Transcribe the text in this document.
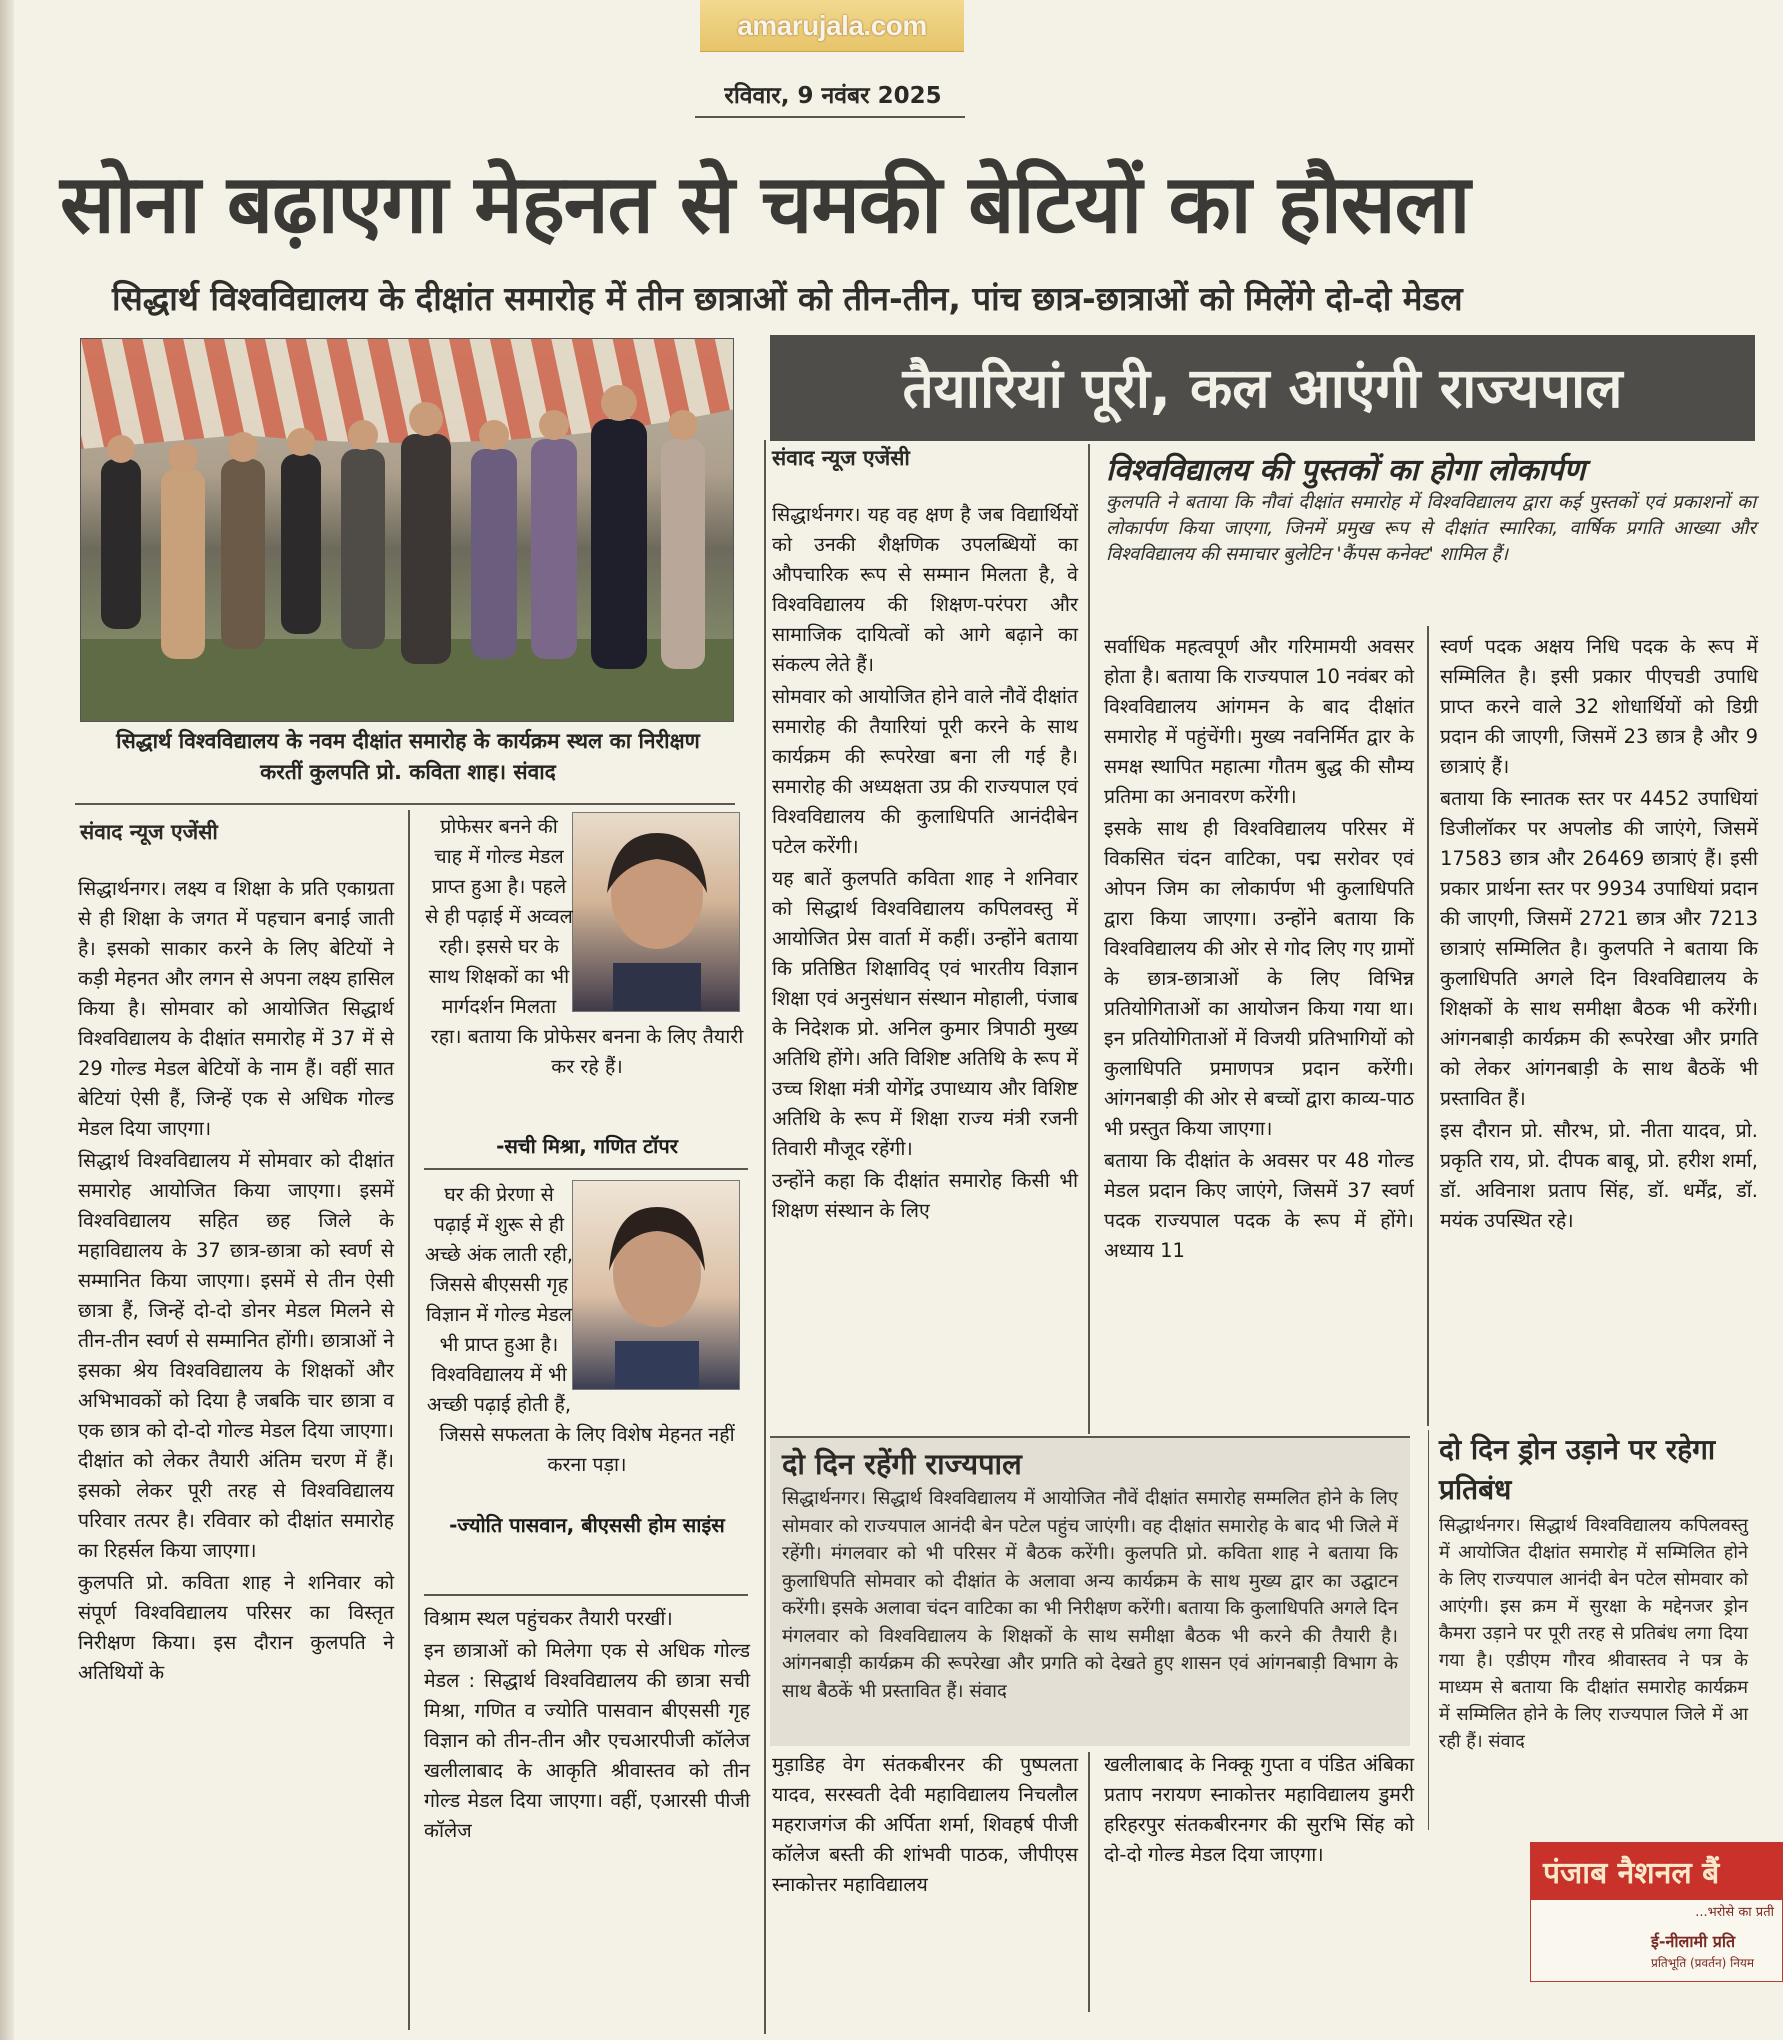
amarujala.com
रविवार, 9 नवंबर 2025
सोना बढ़ाएगा मेहनत से चमकी बेटियों का हौसला
सिद्धार्थ विश्वविद्यालय के दीक्षांत समारोह में तीन छात्राओं को तीन-तीन, पांच छात्र-छात्राओं को मिलेंगे दो-दो मेडल
सिद्धार्थ विश्वविद्यालय के नवम दीक्षांत समारोह के कार्यक्रम स्थल का निरीक्षण करतीं कुलपति प्रो. कविता शाह। संवाद
तैयारियां पूरी, कल आएंगी राज्यपाल
संवाद न्यूज एजेंसी	विश्वविद्यालय की पुस्तकों का होगा लोकार्पण
कुलपति ने बताया कि नौवां दीक्षांत समारोह में विश्वविद्यालय द्वारा कई पुस्तकों एवं प्रकाशनों का लोकार्पण किया जाएगा, जिनमें प्रमुख रूप से दीक्षांत स्मारिका, वार्षिक प्रगति आख्या और विश्वविद्यालय की समाचार बुलेटिन 'कैंपस कनेक्ट' शामिल हैं।

सिद्धार्थनगर। यह वह क्षण है जब विद्यार्थियों को उनकी शैक्षणिक उपलब्धियों का औपचारिक रूप से सम्मान मिलता है, वे विश्वविद्यालय की शिक्षण-परंपरा और सामाजिक दायित्वों को आगे बढ़ाने का संकल्प लेते हैं।

सोमवार को आयोजित होने वाले नौवें दीक्षांत समारोह की तैयारियां पूरी करने के साथ कार्यक्रम की रूपरेखा बना ली गई है। समारोह की अध्यक्षता उप्र की राज्यपाल एवं विश्वविद्यालय की कुलाधिपति आनंदीबेन पटेल करेंगी।

यह बातें कुलपति कविता शाह ने शनिवार को सिद्धार्थ विश्वविद्यालय कपिलवस्तु में आयोजित प्रेस वार्ता में कहीं। उन्होंने बताया कि प्रतिष्ठित शिक्षाविद् एवं भारतीय विज्ञान शिक्षा एवं अनुसंधान संस्थान मोहाली, पंजाब के निदेशक प्रो. अनिल कुमार त्रिपाठी मुख्य अतिथि होंगे। अति विशिष्ट अतिथि के रूप में उच्च शिक्षा मंत्री योगेंद्र उपाध्याय और विशिष्ट अतिथि के रूप में शिक्षा राज्य मंत्री रजनी तिवारी मौजूद रहेंगी।

उन्होंने कहा कि दीक्षांत समारोह किसी भी शिक्षण संस्थान के लिए

सर्वाधिक महत्वपूर्ण और गरिमामयी अवसर होता है। बताया कि राज्यपाल 10 नवंबर को विश्वविद्यालय आंगमन के बाद दीक्षांत समारोह में पहुंचेंगी। मुख्य नवनिर्मित द्वार के समक्ष स्थापित महात्मा गौतम बुद्ध की सौम्य प्रतिमा का अनावरण करेंगी।

इसके साथ ही विश्वविद्यालय परिसर में विकसित चंदन वाटिका, पद्म सरोवर एवं ओपन जिम का लोकार्पण भी कुलाधिपति द्वारा किया जाएगा। उन्होंने बताया कि विश्वविद्यालय की ओर से गोद लिए गए ग्रामों के छात्र-छात्राओं के लिए विभिन्न प्रतियोगिताओं का आयोजन किया गया था। इन प्रतियोगिताओं में विजयी प्रतिभागियों को कुलाधिपति प्रमाणपत्र प्रदान करेंगी। आंगनबाड़ी की ओर से बच्चों द्वारा काव्य-पाठ भी प्रस्तुत किया जाएगा।

बताया कि दीक्षांत के अवसर पर 48 गोल्ड मेडल प्रदान किए जाएंगे, जिसमें 37 स्वर्ण पदक राज्यपाल पदक के रूप में होंगे। अध्याय 11

स्वर्ण पदक अक्षय निधि पदक के रूप में सम्मिलित है। इसी प्रकार पीएचडी उपाधि प्राप्त करने वाले 32 शोधार्थियों को डिग्री प्रदान की जाएगी, जिसमें 23 छात्र है और 9 छात्राएं हैं।

बताया कि स्नातक स्तर पर 4452 उपाधियां डिजीलॉकर पर अपलोड की जाएंगे, जिसमें 17583 छात्र और 26469 छात्राएं हैं। इसी प्रकार प्रार्थना स्तर पर 9934 उपाधियां प्रदान की जाएगी, जिसमें 2721 छात्र और 7213 छात्राएं सम्मिलित है। कुलपति ने बताया कि कुलाधिपति अगले दिन विश्वविद्यालय के शिक्षकों के साथ समीक्षा बैठक भी करेंगी। आंगनबाड़ी कार्यक्रम की रूपरेखा और प्रगति को लेकर आंगनबाड़ी के साथ बैठकें भी प्रस्तावित हैं।

इस दौरान प्रो. सौरभ, प्रो. नीता यादव, प्रो. प्रकृति राय, प्रो. दीपक बाबू, प्रो. हरीश शर्मा, डॉ. अविनाश प्रताप सिंह, डॉ. धर्मेंद्र, डॉ. मयंक उपस्थित रहे।

दो दिन रहेंगी राज्यपाल
सिद्धार्थनगर। सिद्धार्थ विश्वविद्यालय में आयोजित नौवें दीक्षांत समारोह सम्मलित होने के लिए सोमवार को राज्यपाल आनंदी बेन पटेल पहुंच जाएंगी। वह दीक्षांत समारोह के बाद भी जिले में रहेंगी। मंगलवार को भी परिसर में बैठक करेंगी। कुलपति प्रो. कविता शाह ने बताया कि कुलाधिपति सोमवार को दीक्षांत के अलावा अन्य कार्यक्रम के साथ मुख्य द्वार का उद्घाटन करेंगी। इसके अलावा चंदन वाटिका का भी निरीक्षण करेंगी। बताया कि कुलाधिपति अगले दिन मंगलवार को विश्वविद्यालय के शिक्षकों के साथ समीक्षा बैठक भी करने की तैयारी है। आंगनबाड़ी कार्यक्रम की रूपरेखा और प्रगति को देखते हुए शासन एवं आंगनबाड़ी विभाग के साथ बैठकें भी प्रस्तावित हैं। संवाद
दो दिन ड्रोन उड़ाने पर रहेगा प्रतिबंध
सिद्धार्थनगर। सिद्धार्थ विश्वविद्यालय कपिलवस्तु में आयोजित दीक्षांत समारोह में सम्मिलित होने के लिए राज्यपाल आनंदी बेन पटेल सोमवार को आएंगी। इस क्रम में सुरक्षा के मद्देनजर ड्रोन कैमरा उड़ाने पर पूरी तरह से प्रतिबंध लगा दिया गया है। एडीएम गौरव श्रीवास्तव ने पत्र के माध्यम से बताया कि दीक्षांत समारोह कार्यक्रम में सम्मिलित होने के लिए राज्यपाल जिले में आ रही हैं। संवाद

मुड़ाडिह वेग संतकबीरनर की पुष्पलता यादव, सरस्वती देवी महाविद्यालय निचलौल महराजगंज की अर्पिता शर्मा, शिवहर्ष पीजी कॉलेज बस्ती की शांभवी पाठक, जीपीएस स्नाकोत्तर महाविद्यालय

खलीलाबाद के निक्कू गुप्ता व पंडित अंबिका प्रताप नरायण स्नाकोत्तर महाविद्यालय डुमरी हरिहरपुर संतकबीरनगर की सुरभि सिंह को दो-दो गोल्ड मेडल दिया जाएगा।

पंजाब नैशनल बैं
...भरोसे का प्रती
ई-नीलामी प्रति
प्रतिभूति (प्रवर्तन) नियम
संवाद न्यूज एजेंसी

सिद्धार्थनगर। लक्ष्य व शिक्षा के प्रति एकाग्रता से ही शिक्षा के जगत में पहचान बनाई जाती है। इसको साकार करने के लिए बेटियों ने कड़ी मेहनत और लगन से अपना लक्ष्य हासिल किया है। सोमवार को आयोजित सिद्धार्थ विश्वविद्यालय के दीक्षांत समारोह में 37 में से 29 गोल्ड मेडल बेटियों के नाम हैं। वहीं सात बेटियां ऐसी हैं, जिन्हें एक से अधिक गोल्ड मेडल दिया जाएगा।

सिद्धार्थ विश्वविद्यालय में सोमवार को दीक्षांत समारोह आयोजित किया जाएगा। इसमें विश्वविद्यालय सहित छह जिले के महाविद्यालय के 37 छात्र-छात्रा को स्वर्ण से सम्मानित किया जाएगा। इसमें से तीन ऐसी छात्रा हैं, जिन्हें दो-दो डोनर मेडल मिलने से तीन-तीन स्वर्ण से सम्मानित होंगी। छात्राओं ने इसका श्रेय विश्वविद्यालय के शिक्षकों और अभिभावकों को दिया है जबकि चार छात्रा व एक छात्र को दो-दो गोल्ड मेडल दिया जाएगा। दीक्षांत को लेकर तैयारी अंतिम चरण में हैं। इसको लेकर पूरी तरह से विश्वविद्यालय परिवार तत्पर है। रविवार को दीक्षांत समारोह का रिहर्सल किया जाएगा।

कुलपति प्रो. कविता शाह ने शनिवार को संपूर्ण विश्वविद्यालय परिसर का विस्तृत निरीक्षण किया। इस दौरान कुलपति ने अतिथियों के

प्रोफेसर बनने की चाह में गोल्ड मेडल प्राप्त हुआ है। पहले से ही पढ़ाई में अव्वल रही। इससे घर के साथ शिक्षकों का भी मार्गदर्शन मिलता रहा। बताया कि प्रोफेसर बनना के लिए तैयारी कर रहे हैं।
-सची मिश्रा, गणित टॉपर
घर की प्रेरणा से पढ़ाई में शुरू से ही अच्छे अंक लाती रही, जिससे बीएससी गृह विज्ञान में गोल्ड मेडल भी प्राप्त हुआ है। विश्वविद्यालय में भी अच्छी पढ़ाई होती हैं, जिससे सफलता के लिए विशेष मेहनत नहीं करना पड़ा।
-ज्योति पासवान, बीएससी होम साइंस

विश्राम स्थल पहुंचकर तैयारी परखीं।

इन छात्राओं को मिलेगा एक से अधिक गोल्ड मेडल : सिद्धार्थ विश्वविद्यालय की छात्रा सची मिश्रा, गणित व ज्योति पासवान बीएससी गृह विज्ञान को तीन-तीन और एचआरपीजी कॉलेज खलीलाबाद के आकृति श्रीवास्तव को तीन गोल्ड मेडल दिया जाएगा। वहीं, एआरसी पीजी कॉलेज
